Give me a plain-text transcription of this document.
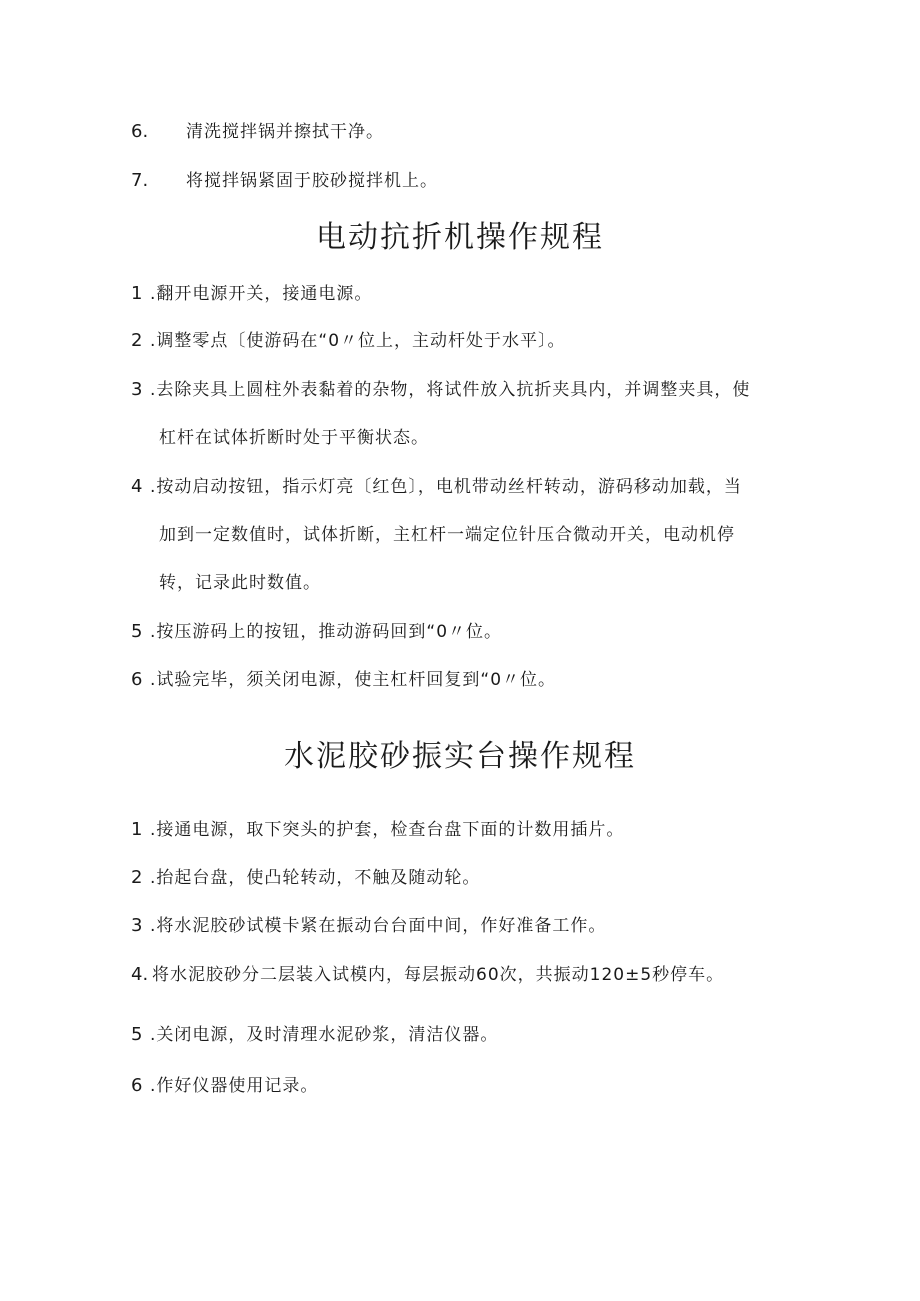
6. 清洗搅拌锅并擦拭干净。
7. 将搅拌锅紧固于胶砂搅拌机上。
电动抗折机操作规程
1 .翻开电源开关，接通电源。
2 .调整零点〔使游码在“0〃位上，主动杆处于水平〕。
3 .去除夹具上圆柱外表黏着的杂物，将试件放入抗折夹具内，并调整夹具，使
杠杆在试体折断时处于平衡状态。
4 .按动启动按钮，指示灯亮〔红色〕，电机带动丝杆转动，游码移动加载，当
加到一定数值时，试体折断，主杠杆一端定位针压合微动开关，电动机停
转，记录此时数值。
5 .按压游码上的按钮，推动游码回到“0〃位。
6 .试验完毕，须关闭电源，使主杠杆回复到“0〃位。
水泥胶砂振实台操作规程
1 .接通电源，取下突头的护套，检查台盘下面的计数用插片。
2 .抬起台盘，使凸轮转动，不触及随动轮。
3 .将水泥胶砂试模卡紧在振动台台面中间，作好准备工作。
4. 将水泥胶砂分二层装入试模内，每层振动60次，共振动120±5秒停车。
5 .关闭电源，及时清理水泥砂浆，清洁仪器。
6 .作好仪器使用记录。
